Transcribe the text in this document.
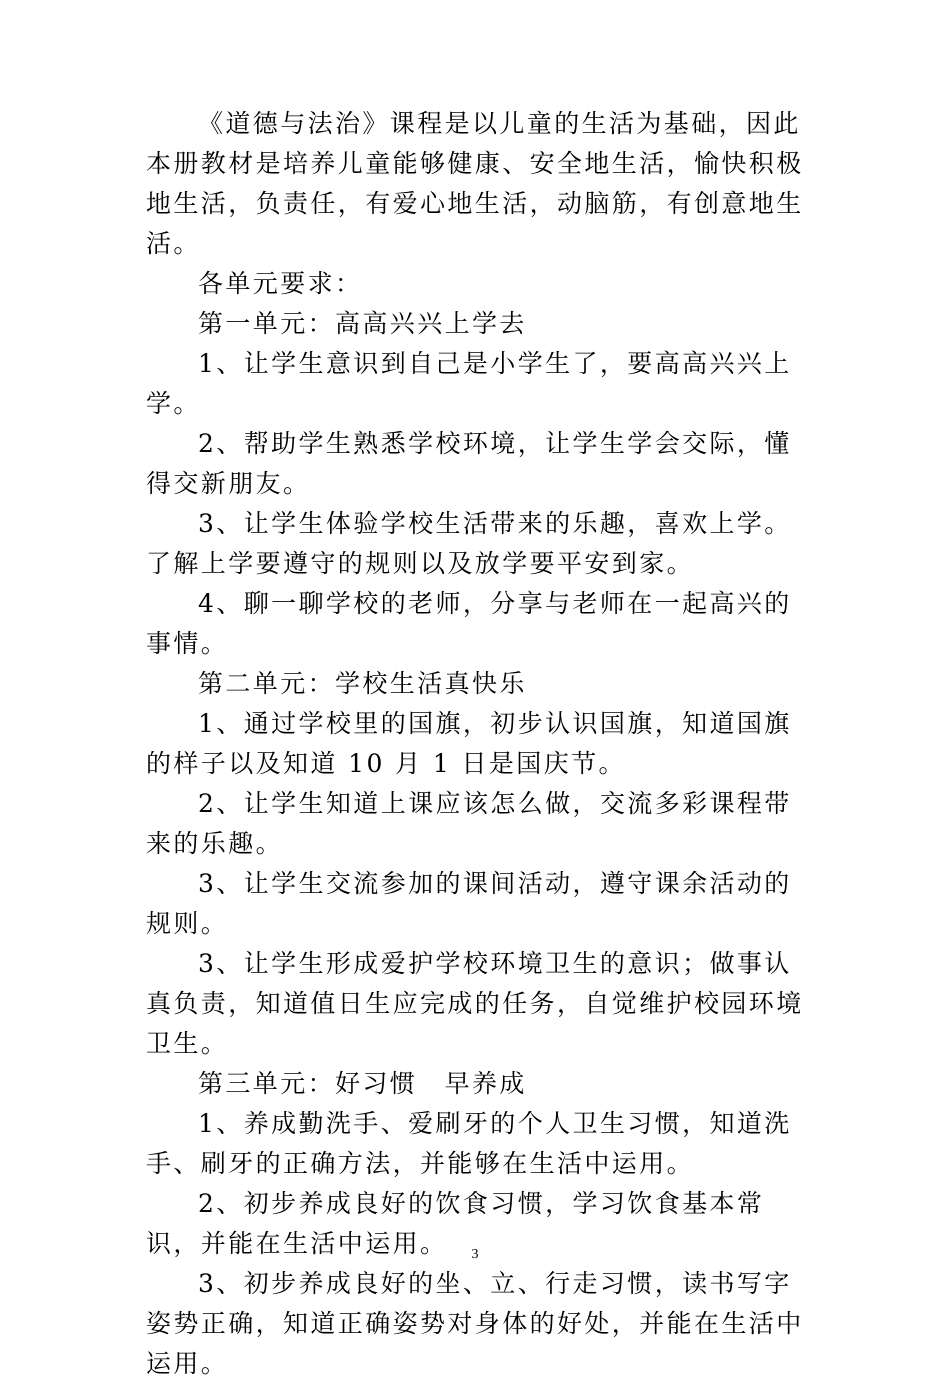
《道德与法治》课程是以儿童的生活为基础，因此本册教材是培养儿童能够健康、安全地生活，愉快积极地生活，负责任，有爱心地生活，动脑筋，有创意地生活。

各单元要求：

第一单元：高高兴兴上学去

1、让学生意识到自己是小学生了，要高高兴兴上学。

2、帮助学生熟悉学校环境，让学生学会交际，懂得交新朋友。

3、让学生体验学校生活带来的乐趣，喜欢上学。了解上学要遵守的规则以及放学要平安到家。

4、聊一聊学校的老师，分享与老师在一起高兴的事情。

第二单元：学校生活真快乐

1、通过学校里的国旗，初步认识国旗，知道国旗的样子以及知道 10 月 1 日是国庆节。

2、让学生知道上课应该怎么做，交流多彩课程带来的乐趣。

3、让学生交流参加的课间活动，遵守课余活动的规则。

3、让学生形成爱护学校环境卫生的意识；做事认真负责，知道值日生应完成的任务，自觉维护校园环境卫生。

第三单元：好习惯　早养成

1、养成勤洗手、爱刷牙的个人卫生习惯，知道洗手、刷牙的正确方法，并能够在生活中运用。

2、初步养成良好的饮食习惯，学习饮食基本常识，并能在生活中运用。

3、初步养成良好的坐、立、行走习惯，读书写字姿势正确，知道正确姿势对身体的好处，并能在生活中运用。

3
